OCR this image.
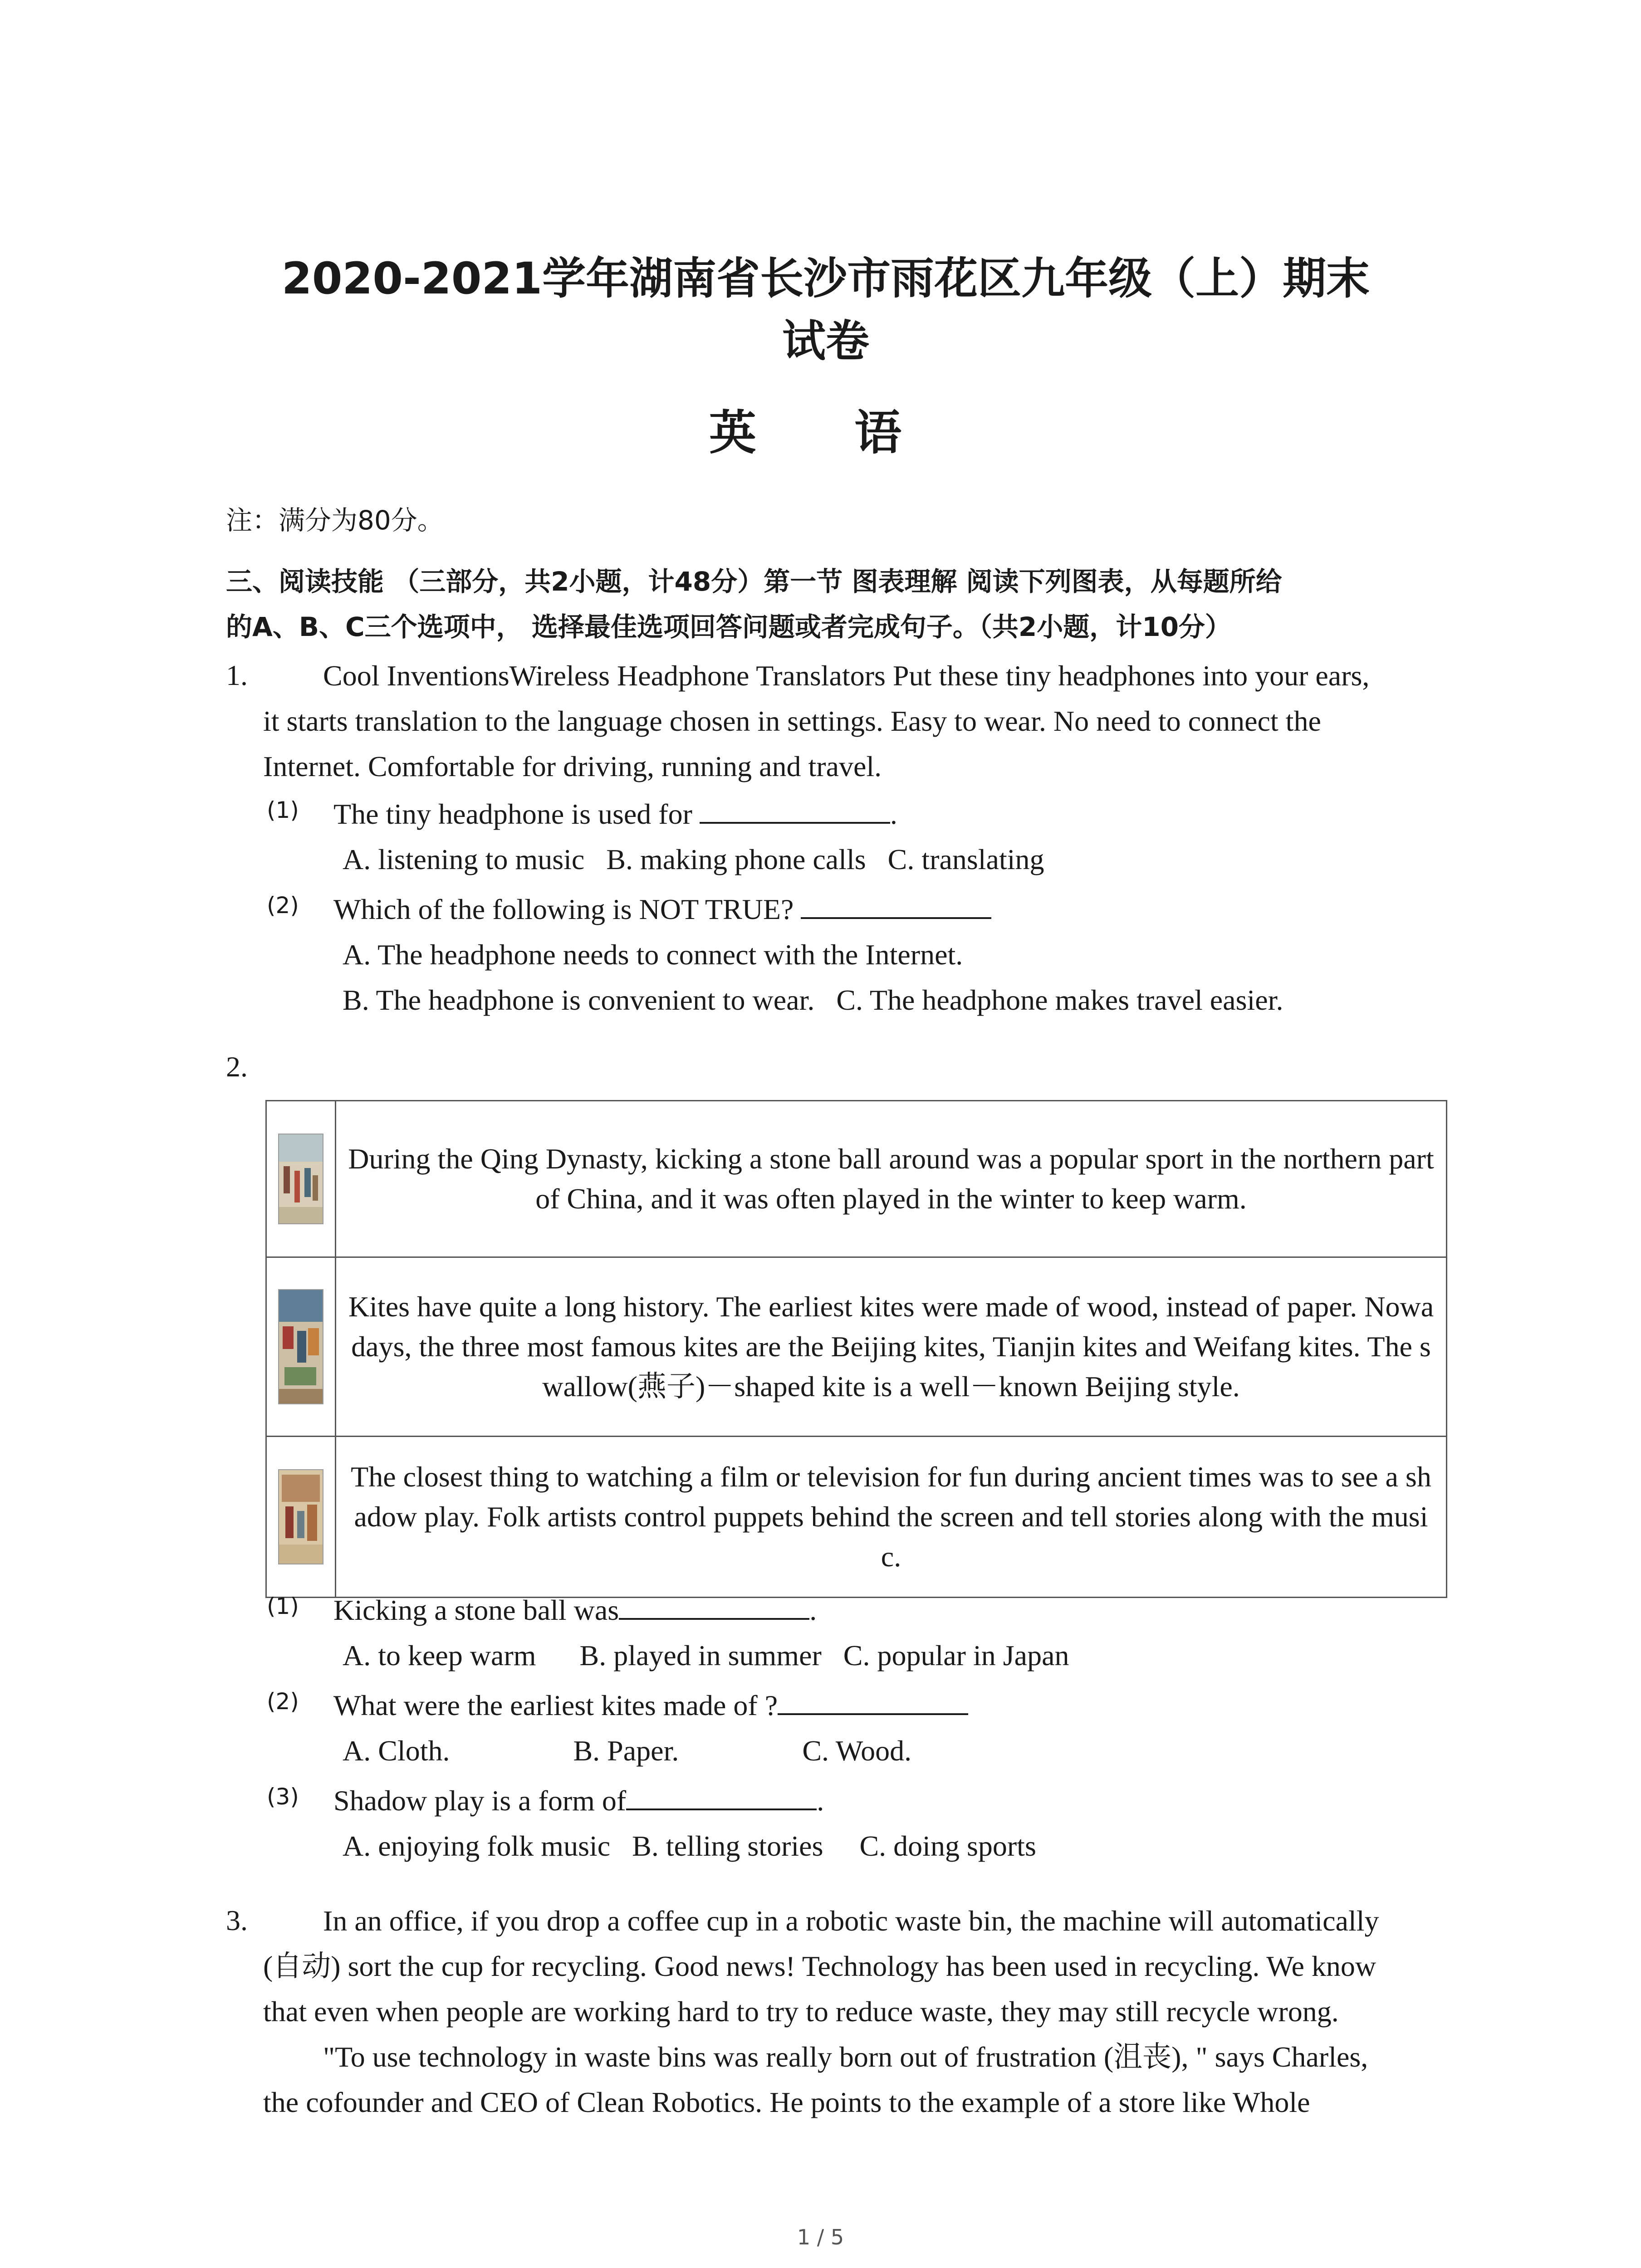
2020-2021学年湖南省长沙市雨花区九年级（上）期末
试卷
英 语
注：满分为80分。
三、阅读技能 （三部分，共2小题，计48分）第一节 图表理解 阅读下列图表，从每题所给
的A、B、C三个选项中， 选择最佳选项回答问题或者完成句子。（共2小题，计10分）
1.	Cool InventionsWireless Headphone Translators Put these tiny headphones into your ears,
it starts translation to the language chosen in settings. Easy to wear. No need to connect the
Internet. Comfortable for driving, running and travel.
(1) The tiny headphone is used for	.
A. listening to music   B. making phone calls   C. translating
(2) Which of the following is NOT TRUE?
A. The headphone needs to connect with the Internet.
B. The headphone is convenient to wear.   C. The headphone makes travel easier.
2.
	During the Qing Dynasty, kicking a stone ball around was a popular sport in the northern part of China, and it was often played in the winter to keep warm.

	Kites have quite a long history. The earliest kites were made of wood, instead of paper. Nowadays, the three most famous kites are the Beijing kites, Tianjin kites and Weifang kites. The swallow(燕子)－shaped kite is a well－known Beijing style.

	The closest thing to watching a film or television for fun during ancient times was to see a shadow play. Folk artists control puppets behind the screen and tell stories along with the music.
(1) Kicking a stone ball was	.
A. to keep warm      B. played in summer   C. popular in Japan
(2) What were the earliest kites made of ?
A. Cloth.                 B. Paper.                 C. Wood.
(3) Shadow play is a form of	.
A. enjoying folk music   B. telling stories     C. doing sports
3.	In an office, if you drop a coffee cup in a robotic waste bin, the machine will automatically
(自动) sort the cup for recycling. Good news! Technology has been used in recycling. We know
that even when people are working hard to try to reduce waste, they may still recycle wrong.
"To use technology in waste bins was really born out of frustration (沮丧), " says Charles,
the cofounder and CEO of Clean Robotics. He points to the example of a store like Whole
1 / 5
